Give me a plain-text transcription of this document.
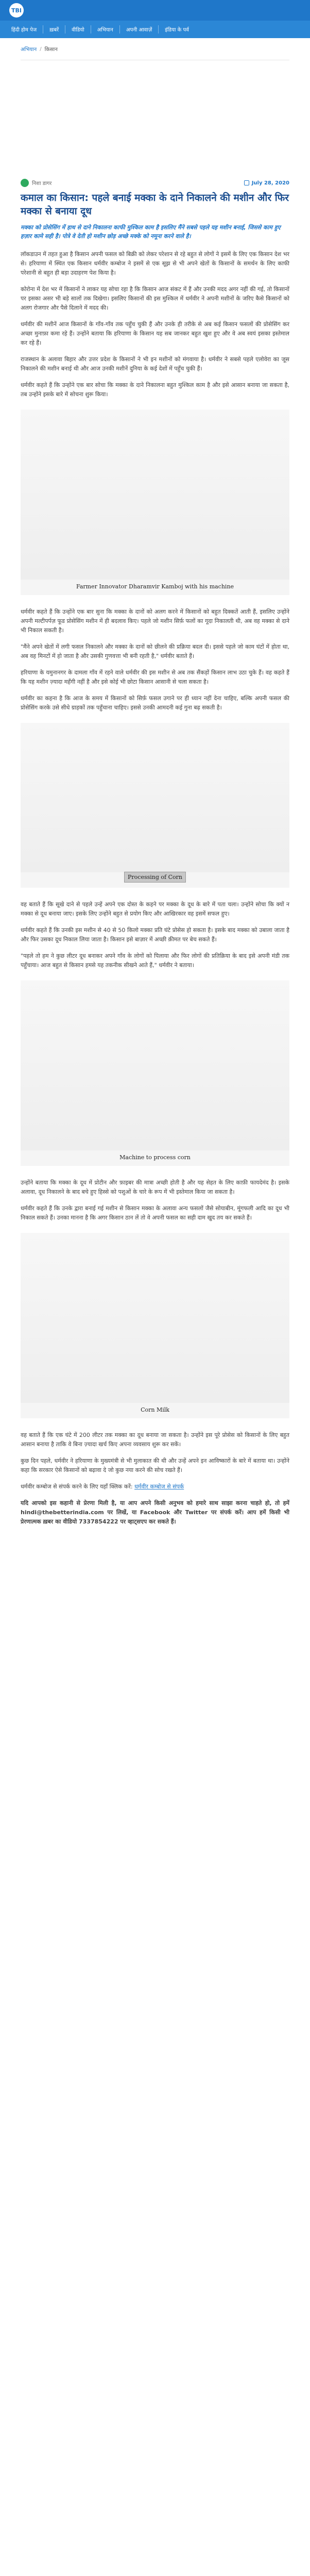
TBI
हिंदी होम पेज	ख़बरें	वीडियो	अभियान	अपनी आवाज़ें	इंडिया के पर्व
अभियान / किसान
निशा डागर	July 28, 2020
कमाल का किसान: पहले बनाई मक्का के दाने निकालने की मशीन और फिर मक्का से बनाया दूध

मक्का को प्रोसेसिंग में हाथ से दाने निकालना काफी मुश्किल काम है इसलिए मैंने सबसे पहले यह मशीन बनाई, जिससे काम हुए हज़ार कामे सही है। पोत्रे वे देती हो मशीन छोड़ अच्छे मक्के को नमूना करने वाले है।

लॉकडाउन में तहत हुआ है किसान अपनी फसल को बिक्री को लेकर परेशान से रहे बहुत से लोगों ने इसमें के लिए एक किसान देश भर से। हरियाणा में स्थित एक किसान धर्मवीर कम्बोज ने इसमें से एक सूझ से भी अपने खेतों के किसानों के समर्थन के लिए काफी परेशानी से बहुत ही बड़ा उदाहरण पेश किया है।

कोरोना में देश भर में किसानों ने लाकर यह सोचा रहा है कि किसान आज संकट में हैं और उनकी मदद अगर नहीं की गई, तो किसानों पर इसका असर भी बड़े सालों तक दिखेगा। इसलिए किसानों की इस मुश्किल में धर्मवीर ने अपनी मशीनों के जरिए कैसे किसानों को अलग रोजगार और पैसे दिलाने में मदद की।

धर्मवीर की मशीनें आज किसानों के गाँव-गाँव तक पहुँच चुकी हैं और उनके ही तरीके से अब कई किसान फसलों की प्रोसेसिंग कर अच्छा मुनाफ़ा कमा रहे हैं। उन्होंने बताया कि हरियाणा के किसान यह सब जानकर बहुत खुश हुए और वे अब स्वयं इसका इस्तेमाल कर रहे हैं।

राजस्थान के अलावा बिहार और उत्तर प्रदेश के किसानों ने भी इन मशीनों को मंगवाया है। धर्मवीर ने सबसे पहले एलोवेरा का जूस निकालने की मशीन बनाई थी और आज उनकी मशीनें दुनिया के कई देशों में पहुँच चुकी हैं।

धर्मवीर कहते हैं कि उन्होंने एक बार सोचा कि मक्का के दाने निकालना बहुत मुश्किल काम है और इसे आसान बनाया जा सकता है, तब उन्होंने इसके बारे में सोचना शुरू किया।

Farmer Innovator Dharamvir Kamboj with his machine

धर्मवीर कहते हैं कि उन्होंने एक बार सुना कि मक्का के दानों को अलग करने में किसानों को बहुत दिक्कतें आती हैं, इसलिए उन्होंने अपनी मल्टीपर्पज़ फूड प्रोसेसिंग मशीन में ही बदलाव किए। पहले जो मशीन सिर्फ़ फलों का गूदा निकालती थी, अब वह मक्का से दाने भी निकाल सकती है।

"मैंने अपने खेतों में लगी फसल निकालने और मक्का के दानों को छीलने की प्रक्रिया बदल दी। इससे पहले जो काम घंटों में होता था, अब वह मिनटों में हो जाता है और उसकी गुणवत्ता भी बनी रहती है," धर्मवीर बताते हैं।

हरियाणा के यमुनानगर के दामला गाँव में रहने वाले धर्मवीर की इस मशीन से अब तक सैंकड़ों किसान लाभ उठा चुके हैं। वह कहते हैं कि यह मशीन ज़्यादा महँगी नहीं है और इसे कोई भी छोटा किसान आसानी से चला सकता है।

धर्मवीर का कहना है कि आज के समय में किसानों को सिर्फ़ फसल उगाने पर ही ध्यान नहीं देना चाहिए, बल्कि अपनी फसल की प्रोसेसिंग करके उसे सीधे ग्राहकों तक पहुँचाना चाहिए। इससे उनकी आमदनी कई गुना बढ़ सकती है।

Processing of Corn

वह बताते हैं कि सूखे दाने से पहले उन्हें अपने एक दोस्त के कहने पर मक्का के दूध के बारे में पता चला। उन्होंने सोचा कि क्यों न मक्का से दूध बनाया जाए। इसके लिए उन्होंने बहुत से प्रयोग किए और आखिरकार वह इसमें सफल हुए।

धर्मवीर कहते हैं कि उनकी इस मशीन से 40 से 50 किलो मक्का प्रति घंटे प्रोसेस हो सकता है। इसके बाद मक्का को उबाला जाता है और फिर उसका दूध निकाल लिया जाता है। किसान इसे बाज़ार में अच्छी क़ीमत पर बेच सकते हैं।

"पहले तो हम ने कुछ लीटर दूध बनाकर अपने गाँव के लोगों को पिलाया और फिर लोगों की प्रतिक्रिया के बाद इसे अपनी मंडी तक पहुँचाया। आज बहुत से किसान हमसे यह तकनीक सीखने आते हैं," धर्मवीर ने बताया।

Machine to process corn

उन्होंने बताया कि मक्का के दूध में प्रोटीन और फ़ाइबर की मात्रा अच्छी होती है और यह सेहत के लिए काफ़ी फायदेमंद है। इसके अलावा, दूध निकालने के बाद बचे हुए हिस्से को पशुओं के चारे के रूप में भी इस्तेमाल किया जा सकता है।

धर्मवीर कहते हैं कि उनके द्वारा बनाई गई मशीन से किसान मक्का के अलावा अन्य फसलों जैसे सोयाबीन, मूंगफली आदि का दूध भी निकाल सकते हैं। उनका मानना है कि अगर किसान ठान लें तो वे अपनी फसल का सही दाम खुद तय कर सकते हैं।

Corn Milk

वह बताते हैं कि एक घंटे में 200 लीटर तक मक्का का दूध बनाया जा सकता है। उन्होंने इस पूरे प्रोसेस को किसानों के लिए बहुत आसान बनाया है ताकि वे बिना ज़्यादा खर्च किए अपना व्यवसाय शुरू कर सकें।

कुछ दिन पहले, धर्मवीर ने हरियाणा के मुख्यमंत्री से भी मुलाकात की थी और उन्हें अपने इन आविष्कारों के बारे में बताया था। उन्होंने कहा कि सरकार ऐसे किसानों को बढ़ावा दे जो कुछ नया करने की सोच रखते हैं।

धर्मवीर कम्बोज से संपर्क करने के लिए यहाँ क्लिक करें: धर्मवीर कम्बोज से संपर्क

यदि आपको इस कहानी से प्रेरणा मिली है, या आप अपने किसी अनुभव को हमारे साथ साझा करना चाहते हो, तो हमें hindi@thebetterindia.com पर लिखें, या Facebook और Twitter पर संपर्क करें। आप हमें किसी भी प्रेरणात्मक ख़बर का वीडियो 7337854222 पर व्हाट्सएप कर सकते हैं।
